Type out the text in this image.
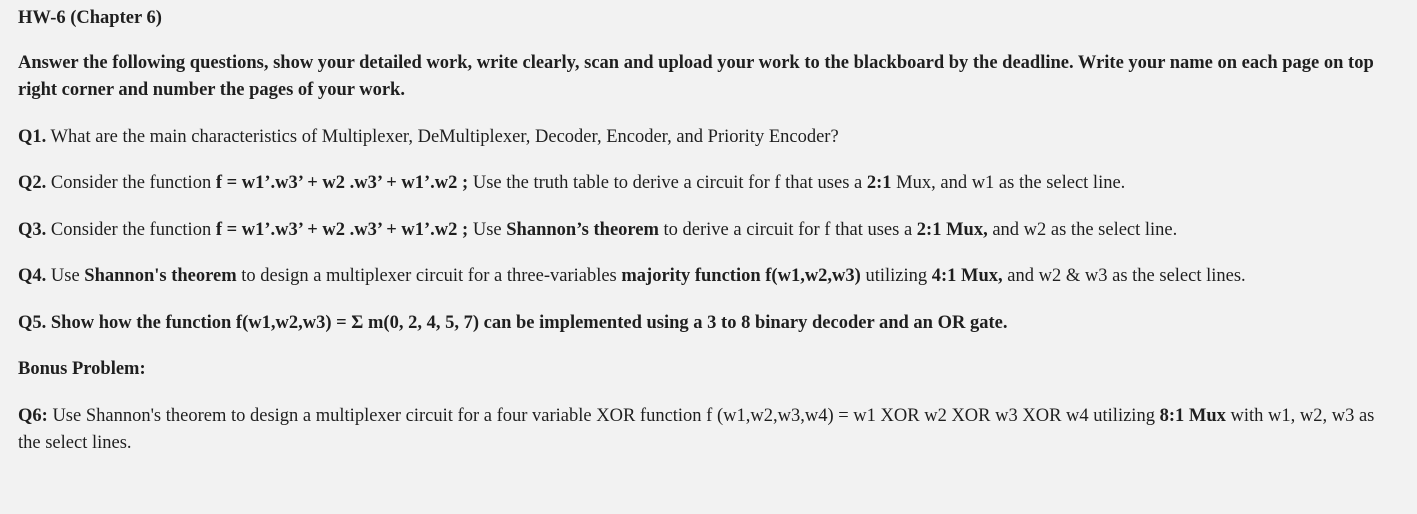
HW-6 (Chapter 6)

Answer the following questions, show your detailed work, write clearly, scan and upload your work to the blackboard by the deadline. Write your name on each page on top right corner and number the pages of your work.

Q1. What are the main characteristics of Multiplexer, DeMultiplexer, Decoder, Encoder, and Priority Encoder?

Q2. Consider the function f = w1’.w3’ + w2 .w3’ + w1’.w2 ; Use the truth table to derive a circuit for f that uses a 2:1 Mux, and w1 as the select line.

Q3. Consider the function f = w1’.w3’ + w2 .w3’ + w1’.w2 ; Use Shannon’s theorem to derive a circuit for f that uses a 2:1 Mux, and w2 as the select line.

Q4. Use Shannon's theorem to design a multiplexer circuit for a three-variables majority function f(w1,w2,w3) utilizing 4:1 Mux, and w2 & w3 as the select lines.

Q5. Show how the function f(w1,w2,w3) = Σ m(0, 2, 4, 5, 7) can be implemented using a 3 to 8 binary decoder and an OR gate.

Bonus Problem:

Q6: Use Shannon's theorem to design a multiplexer circuit for a four variable XOR function f (w1,w2,w3,w4) = w1 XOR w2 XOR w3 XOR w4 utilizing 8:1 Mux with w1, w2, w3 as the select lines.
